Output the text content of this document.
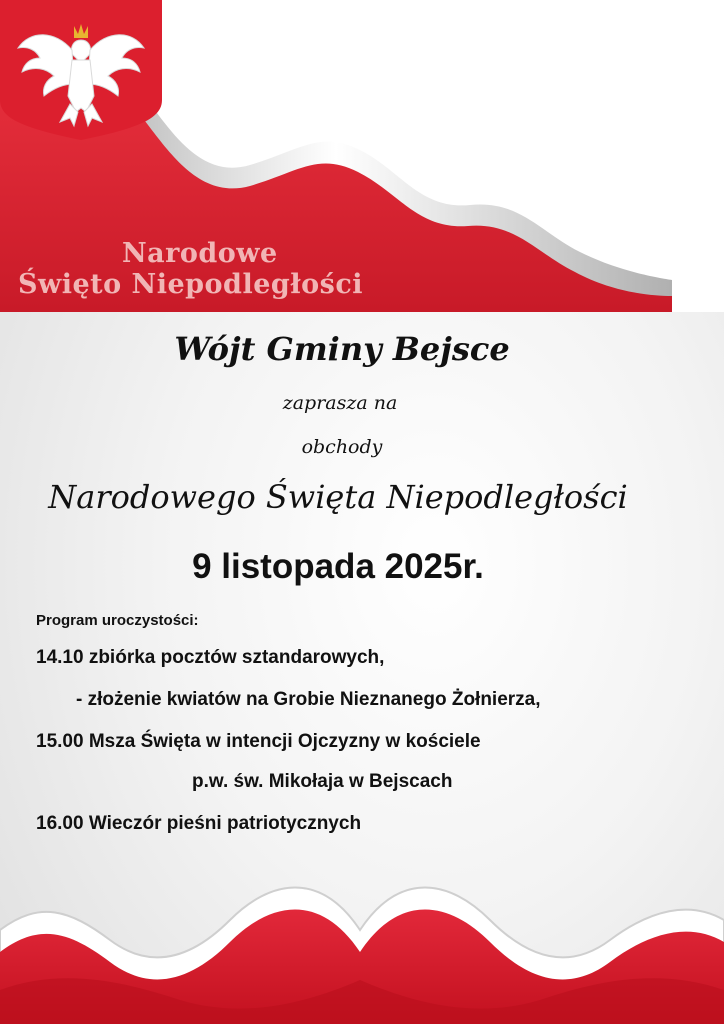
Narodowe
Święto Niepodległości
Wójt Gminy Bejsce
zaprasza na
obchody
Narodowego Święta Niepodległości
9 listopada 2025r.
Program uroczystości:
14.10 zbiórka pocztów sztandarowych,
- złożenie kwiatów na Grobie Nieznanego Żołnierza,
15.00 Msza Święta w intencji Ojczyzny w kościele
p.w. św. Mikołaja w Bejscach
16.00 Wieczór pieśni patriotycznych
